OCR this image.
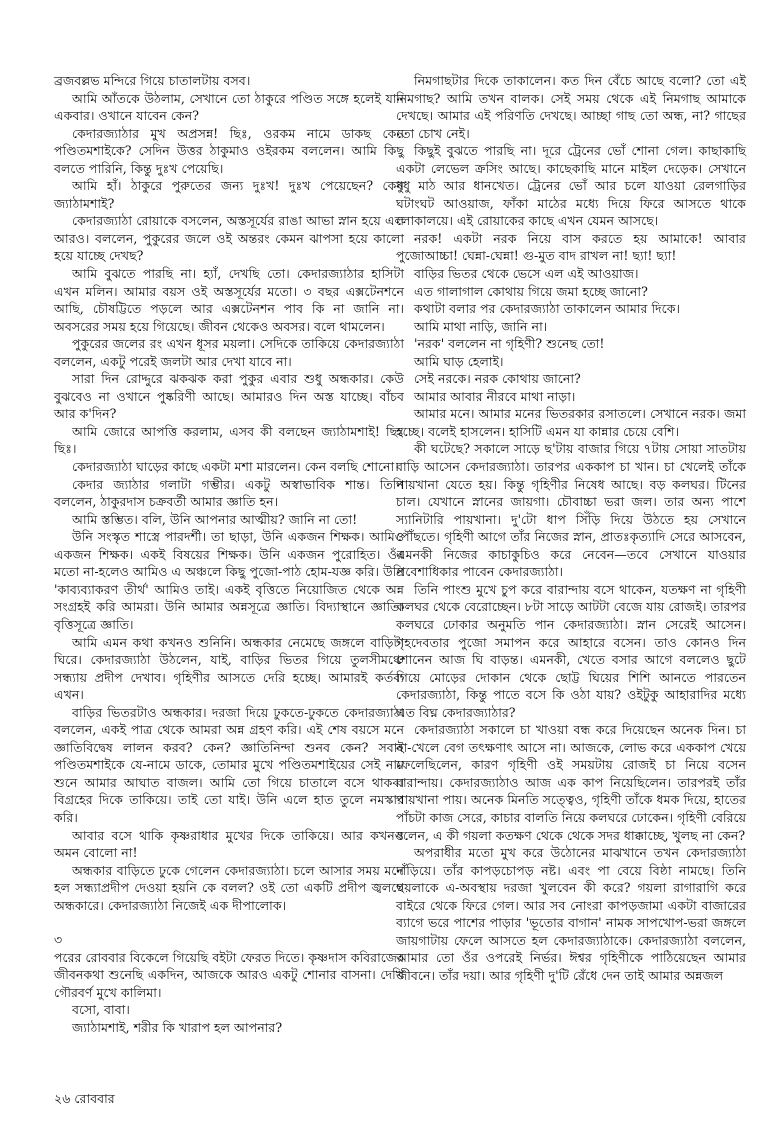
ব্রজবল্লভ মন্দিরে গিয়ে চাতালটায় বসব।

আমি আঁতকে উঠলাম, সেখানে তো ঠাকুরে পণ্ডিত সঙ্গে হলেই যান একবার। ওখানে যাবেন কেন?

কেদারজ্যাঠার মুখ অপ্রসন্ন! ছিঃ, ওরকম নামে ডাকছ কেন পণ্ডিতমশাইকে? সেদিন উত্তর ঠাকুমাও ওইরকম বললেন। আমি কিছু বলতে পারিনি, কিন্তু দুঃখ পেয়েছি।

আমি হাঁ। ঠাকুরে পুরুতের জন্য দুঃখ! দুঃখ পেয়েছেন? কেন জ্যাঠামশাই?

কেদারজ্যাঠা রোয়াকে বসলেন, অস্তসূর্যের রাঙা আভা স্নান হয়ে এল আরও। বললেন, পুকুরের জলে ওই অন্তরং কেমন ঝাপসা হয়ে কালো হয়ে যাচ্ছে দেখছ?

আমি বুঝতে পারছি না। হ্যাঁ, দেখছি তো। কেদারজ্যাঠার হাসিটা এখন মলিন। আমার বয়স ওই অস্তসূর্যের মতো। ৩ বছর এক্সটেনশনে আছি, চৌষট্টিতে পড়লে আর এক্সটেনশন পাব কি না জানি না। অবসরের সময় হয়ে গিয়েছে। জীবন থেকেও অবসর। বলে থামলেন।

পুকুরের জলের রং এখন ধূসর ময়লা। সেদিকে তাকিয়ে কেদারজ্যাঠা বললেন, একটু পরেই জলটা আর দেখা যাবে না।

সারা দিন রোদ্দুরে ঝকঝক করা পুকুর এবার শুধু অন্ধকার। কেউ বুঝবেও না ওখানে পুষ্করিণী আছে। আমারও দিন অস্ত যাচ্ছে। বাঁচব আর ক'দিন?

আমি জোরে আপত্তি করলাম, এসব কী বলছেন জ্যাঠামশাই! ছিঃ ছিঃ।

কেদারজ্যাঠা ঘাড়ের কাছে একটা মশা মারলেন। কেন বলছি শোনো।

কেদার জ্যাঠার গলাটা গম্ভীর। একটু অস্বাভাবিক শান্ত। তিনি বললেন, ঠাকুরদাস চক্রবর্তী আমার জ্ঞাতি হন।

আমি স্তম্ভিত। বলি, উনি আপনার আত্মীয়? জানি না তো!

উনি সংস্কৃত শাস্ত্রে পারদর্শী। তা ছাড়া, উনি একজন শিক্ষক। আমিও একজন শিক্ষক। একই বিষয়ের শিক্ষক। উনি একজন পুরোহিত। ওঁর মতো না-হলেও আমিও এ অঞ্চলে কিছু পুজো-পাঠ হোম-যজ্ঞ করি। উনি 'কাব্যব্যাকরণ তীর্থ' আমিও তাই। একই বৃত্তিতে নিয়োজিত থেকে অন্ন সংগ্রহই করি আমরা। উনি আমার অন্নসূত্রে জ্ঞাতি। বিদ্যাস্থানে জ্ঞাতি। বৃত্তিসূত্রে জ্ঞাতি।

আমি এমন কথা কখনও শুনিনি। অন্ধকার নেমেছে জঙ্গলে বাড়িটা ঘিরে। কেদারজ্যাঠা উঠলেন, যাই, বাড়ির ভিতর গিয়ে তুলসীমঞ্চে সন্ধ্যায় প্রদীপ দেখাব। গৃহিণীর আসতে দেরি হচ্ছে। আমারই কর্তব্য এখন।

বাড়ির ভিতরটাও অন্ধকার। দরজা দিয়ে ঢুকতে-ঢুকতে কেদারজ্যাঠা বললেন, একই পাত্র থেকে আমরা অন্ন গ্রহণ করি। এই শেষ বয়সে মনে জ্ঞাতিবিদ্বেষ লালন করব? কেন? জ্ঞাতিনিন্দা শুনব কেন? সবাই পণ্ডিতমশাইকে যে-নামে ডাকে, তোমার মুখে পণ্ডিতমশাইয়ের সেই নাম শুনে আমার আঘাত বাজল। আমি তো গিয়ে চাতালে বসে থাকব। বিগ্রহের দিকে তাকিয়ে। তাই তো যাই। উনি এলে হাত তুলে নমস্কার করি।

আবার বসে থাকি কৃষ্ণরাধার মুখের দিকে তাকিয়ে। আর কখনও অমন বোলো না!

অন্ধকার বাড়িতে ঢুকে গেলেন কেদারজ্যাঠা। চলে আসার সময় মনে হল সন্ধ্যাপ্রদীপ দেওয়া হয়নি কে বলল? ওই তো একটি প্রদীপ জ্বলছে অন্ধকারে। কেদারজ্যাঠা নিজেই এক দীপালোক।

৩

পরের রোববার বিকেলে গিয়েছি বইটা ফেরত দিতে। কৃষ্ণদাস কবিরাজের জীবনকথা শুনেছি একদিন, আজকে আরও একটু শোনার বাসনা। দেখি গৌরবর্ণ মুখে কালিমা।

বসো, বাবা।

জ্যাঠামশাই, শরীর কি খারাপ হল আপনার?

নিমগাছটার দিকে তাকালেন। কত দিন বেঁচে আছে বলো? তো এই নিমগাছ? আমি তখন বালক। সেই সময় থেকে এই নিমগাছ আমাকে দেখছে। আমার এই পরিণতি দেখছে। আচ্ছা গাছ তো অন্ধ, না? গাছের তো চোখ নেই।

কিছুই বুঝতে পারছি না। দূরে ট্রেনের ভোঁ শোনা গেল। কাছাকাছি একটা লেভেল ক্রসিং আছে। কাছেকাছি মানে মাইল দেড়েক। সেখানে ধুধু মাঠ আর ধানখেত। ট্রেনের ভোঁ আর চলে যাওয়া রেলগাড়ির ঘটাংঘট আওয়াজ, ফাঁকা মাঠের মধ্যে দিয়ে ফিরে আসতে থাকে লোকালয়ে। এই রোয়াকের কাছে এখন যেমন আসছে।

নরক! একটা নরক নিয়ে বাস করতে হয় আমাকে! আবার পুজোআচ্চা! ঘেন্না-ঘেন্না! গু-মুত বাদ রাখল না! ছ্যা! ছ্যা!

বাড়ির ভিতর থেকে ভেসে এল এই আওয়াজ।

এত গালাগাল কোথায় গিয়ে জমা হচ্ছে জানো?

কথাটা বলার পর কেদারজ্যাঠা তাকালেন আমার দিকে।

আমি মাথা নাড়ি, জানি না।

'নরক' বললেন না গৃহিণী? শুনেছ তো!

আমি ঘাড় হেলাই।

সেই নরকে। নরক কোথায় জানো?

আমার আবার নীরবে মাথা নাড়া।

আমার মনে। আমার মনের ভিতরকার রসাতলে। সেখানে নরক। জমা হচ্ছে। বলেই হাসলেন। হাসিটি এমন যা কান্নার চেয়ে বেশি।

কী ঘটেছে? সকালে সাড়ে ছ'টায় বাজার গিয়ে ৭টায় সোয়া সাতটায় বাড়ি আসেন কেদারজ্যাঠা। তারপর এককাপ চা খান। চা খেলেই তাঁকে পায়খানা যেতে হয়। কিন্তু গৃহিণীর নিষেধ আছে। বড় কলঘর। টিনের চাল। যেখানে স্নানের জায়গা। চৌবাচ্চা ভরা জল। তার অন্য পাশে স্যানিটারি পায়খানা। দু'টো ধাপ সিঁড়ি দিয়ে উঠতে হয় সেখানে পৌঁছতে। গৃহিণী আগে তাঁর নিজের স্নান, প্রাতঃকৃত্যাদি সেরে আসবেন, এমনকী নিজের কাচাকুচিও করে নেবেন—তবে সেখানে যাওয়ার প্রবেশাধিকার পাবেন কেদারজ্যাঠা।

তিনি পাংশু মুখে চুপ করে বারান্দায় বসে থাকেন, যতক্ষণ না গৃহিণী কলঘর থেকে বেরোচ্ছেন। ৮টা সাড়ে আটটা বেজে যায় রোজই। তারপর কলঘরে ঢোকার অনুমতি পান কেদারজ্যাঠা। স্নান সেরেই আসেন। গৃহদেবতার পুজো সমাপন করে আহারে বসেন। তাও কোনও দিন শোনেন আজ ঘি বাড়ন্ত। এমনকী, খেতে বসার আগে বললেও ছুটে গিয়ে মোড়ের দোকান থেকে ছোট্ট ঘিয়ের শিশি আনতে পারতেন কেদারজ্যাঠা, কিন্তু পাতে বসে কি ওঠা যায়? ওইটুকু আহারাদির মধ্যে এত বিঘ্ন কেদারজ্যাঠার?

কেদারজ্যাঠা সকালে চা খাওয়া বন্ধ করে দিয়েছেন অনেক দিন। চা না-খেলে বেগ তৎক্ষণাৎ আসে না। আজকে, লোভ করে এককাপ খেয়ে ফেলেছিলেন, কারণ গৃহিণী ওই সময়টায় রোজই চা নিয়ে বসেন বারান্দায়। কেদারজ্যাঠাও আজ এক কাপ নিয়েছিলেন। তারপরই তাঁর পায়খানা পায়। অনেক মিনতি সত্ত্বেও, গৃহিণী তাঁকে ধমক দিয়ে, হাতের পাঁচটা কাজ সেরে, কাচার বালতি নিয়ে কলঘরে ঢোকেন। গৃহিণী বেরিয়ে বলেন, এ কী গয়লা কতক্ষণ থেকে থেকে সদর ধাক্কাচ্ছে, খুলছ না কেন?

অপরাধীর মতো মুখ করে উঠোনের মাঝখানে তখন কেদারজ্যাঠা দাঁড়িয়ে। তাঁর কাপড়চোপড় নষ্ট। এবং পা বেয়ে বিষ্ঠা নামছে। তিনি গয়লাকে এ-অবস্থায় দরজা খুলবেন কী করে? গয়লা রাগারাগি করে বাইরে থেকে ফিরে গেল। আর সব নোংরা কাপড়জামা একটা বাজারের ব্যাগে ভরে পাশের পাড়ার 'ভূতোর বাগান' নামক সাপখোপ-ভরা জঙ্গলে জায়গাটায় ফেলে আসতে হল কেদারজ্যাঠাকে। কেদারজ্যাঠা বললেন, আমার তো ওঁর ওপরেই নির্ভর। ঈশ্বর গৃহিণীকে পাঠিয়েছেন আমার জীবনে। তাঁর দয়া। আর গৃহিণী দু'টি রেঁধে দেন তাই আমার অন্নজল

২৬ রোববার
